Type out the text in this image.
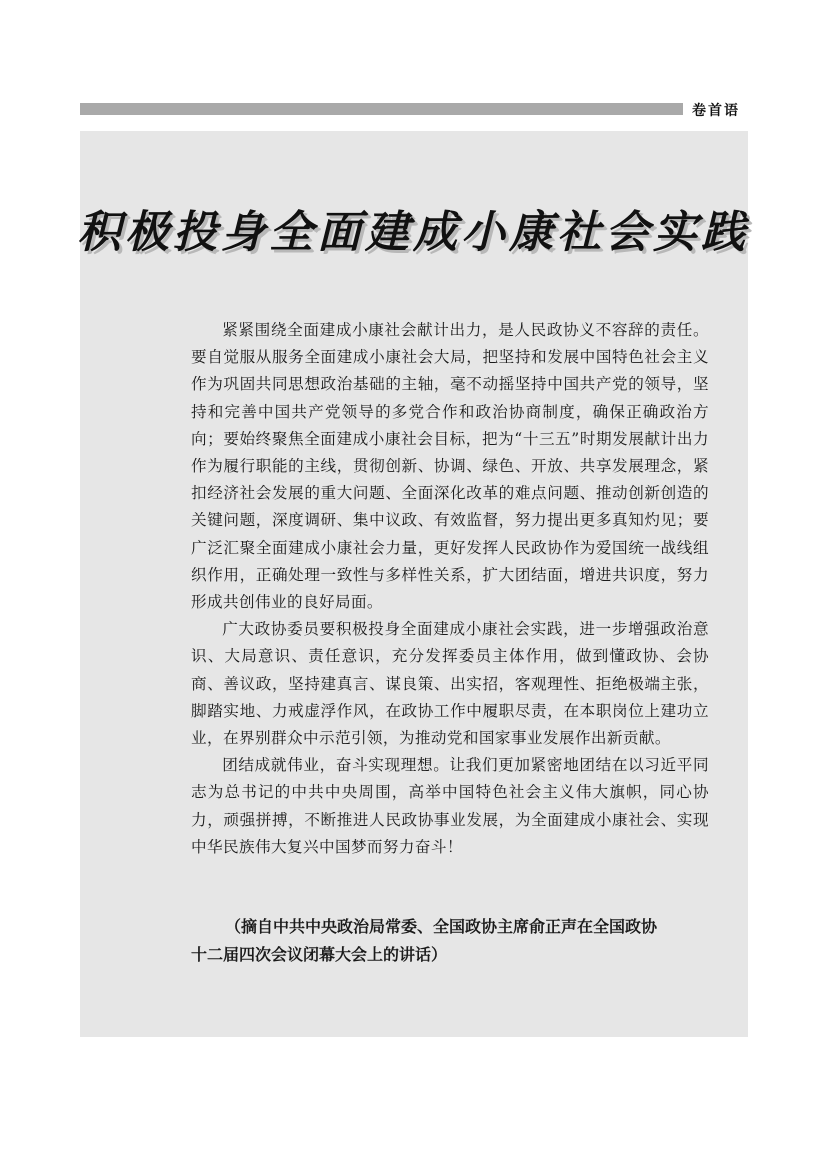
卷首语
积极投身全面建成小康社会实践

紧紧围绕全面建成小康社会献计出力，是人民政协义不容辞的责任。要自觉服从服务全面建成小康社会大局，把坚持和发展中国特色社会主义作为巩固共同思想政治基础的主轴，毫不动摇坚持中国共产党的领导，坚持和完善中国共产党领导的多党合作和政治协商制度，确保正确政治方向；要始终聚焦全面建成小康社会目标，把为“十三五”时期发展献计出力作为履行职能的主线，贯彻创新、协调、绿色、开放、共享发展理念，紧扣经济社会发展的重大问题、全面深化改革的难点问题、推动创新创造的关键问题，深度调研、集中议政、有效监督，努力提出更多真知灼见；要广泛汇聚全面建成小康社会力量，更好发挥人民政协作为爱国统一战线组织作用，正确处理一致性与多样性关系，扩大团结面，增进共识度，努力形成共创伟业的良好局面。

广大政协委员要积极投身全面建成小康社会实践，进一步增强政治意识、大局意识、责任意识，充分发挥委员主体作用，做到懂政协、会协商、善议政，坚持建真言、谋良策、出实招，客观理性、拒绝极端主张，脚踏实地、力戒虚浮作风，在政协工作中履职尽责，在本职岗位上建功立业，在界别群众中示范引领，为推动党和国家事业发展作出新贡献。

团结成就伟业，奋斗实现理想。让我们更加紧密地团结在以习近平同志为总书记的中共中央周围，高举中国特色社会主义伟大旗帜，同心协力，顽强拼搏，不断推进人民政协事业发展，为全面建成小康社会、实现中华民族伟大复兴中国梦而努力奋斗！

（摘自中共中央政治局常委、全国政协主席俞正声在全国政协
十二届四次会议闭幕大会上的讲话）
